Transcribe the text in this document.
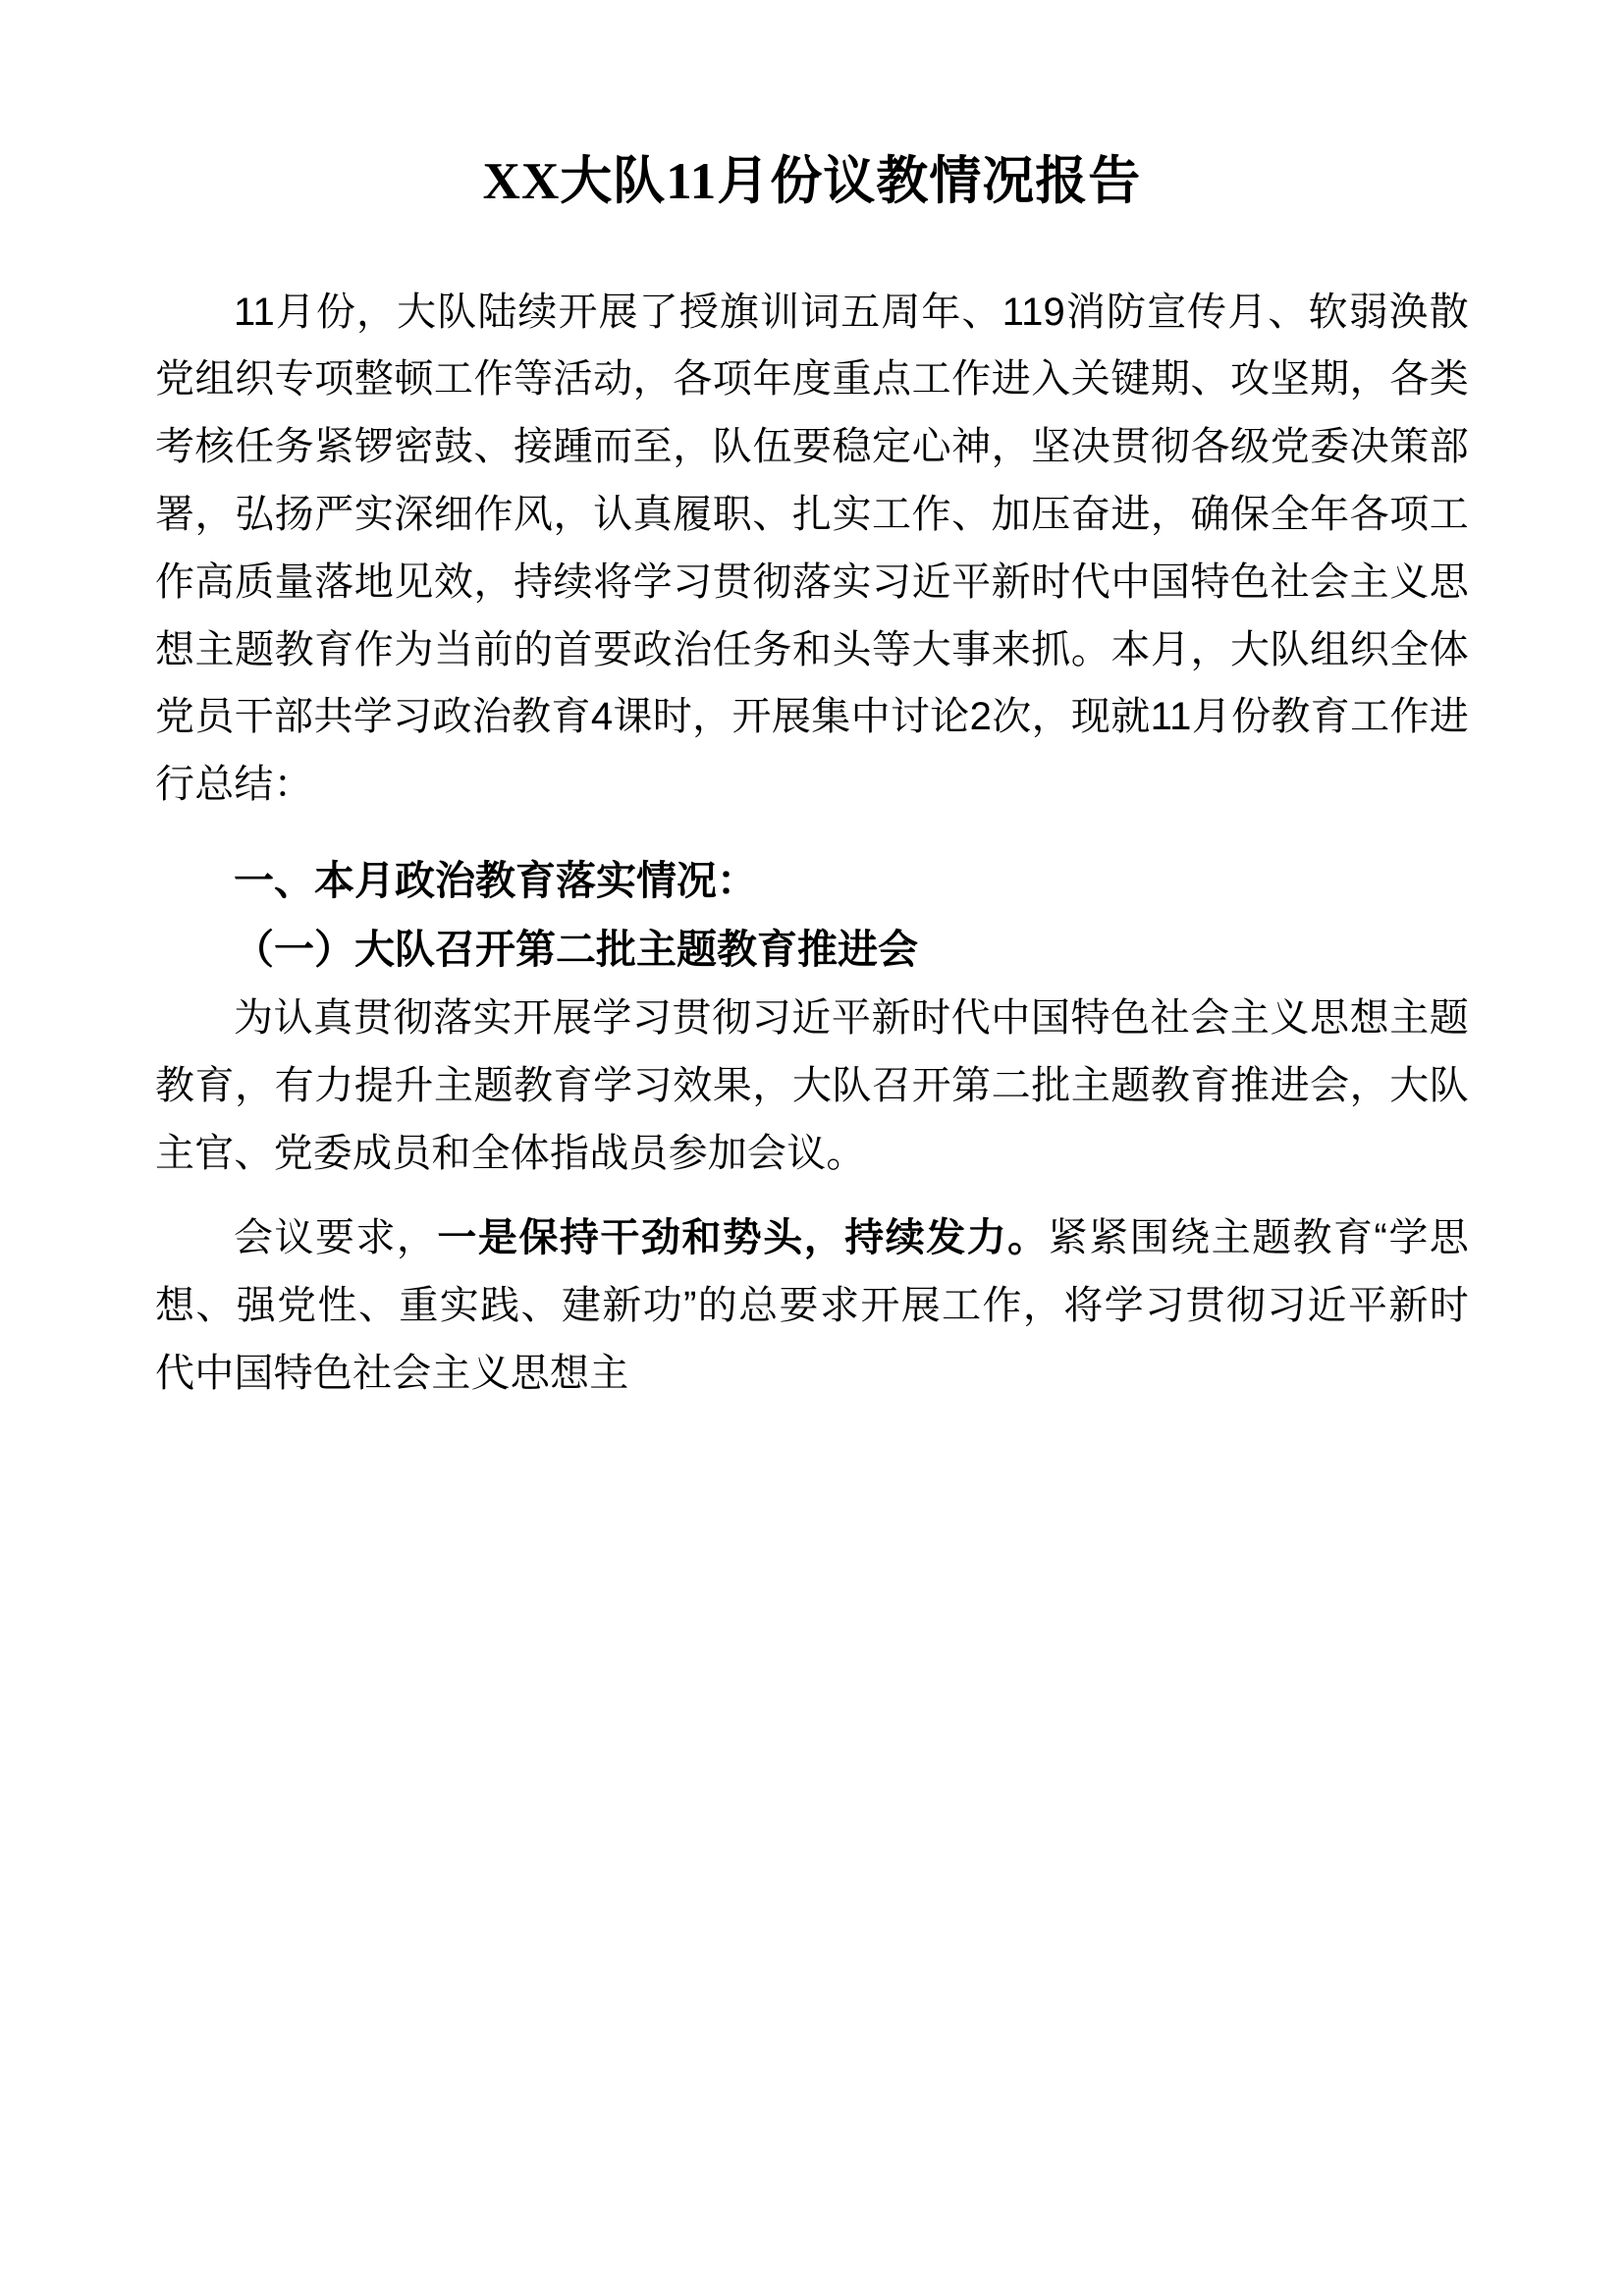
XX大队11月份议教情况报告

11月份，大队陆续开展了授旗训词五周年、119消防宣传月、软弱涣散党组织专项整顿工作等活动，各项年度重点工作进入关键期、攻坚期，各类考核任务紧锣密鼓、接踵而至，队伍要稳定心神，坚决贯彻各级党委决策部署，弘扬严实深细作风，认真履职、扎实工作、加压奋进，确保全年各项工作高质量落地见效，持续将学习贯彻落实习近平新时代中国特色社会主义思想主题教育作为当前的首要政治任务和头等大事来抓。本月，大队组织全体党员干部共学习政治教育4课时，开展集中讨论2次，现就11月份教育工作进行总结：

一、本月政治教育落实情况：

（一）大队召开第二批主题教育推进会

为认真贯彻落实开展学习贯彻习近平新时代中国特色社会主义思想主题教育，有力提升主题教育学习效果，大队召开第二批主题教育推进会，大队主官、党委成员和全体指战员参加会议。

会议要求，一是保持干劲和势头，持续发力。紧紧围绕主题教育“学思想、强党性、重实践、建新功”的总要求开展工作，将学习贯彻习近平新时代中国特色社会主义思想主
